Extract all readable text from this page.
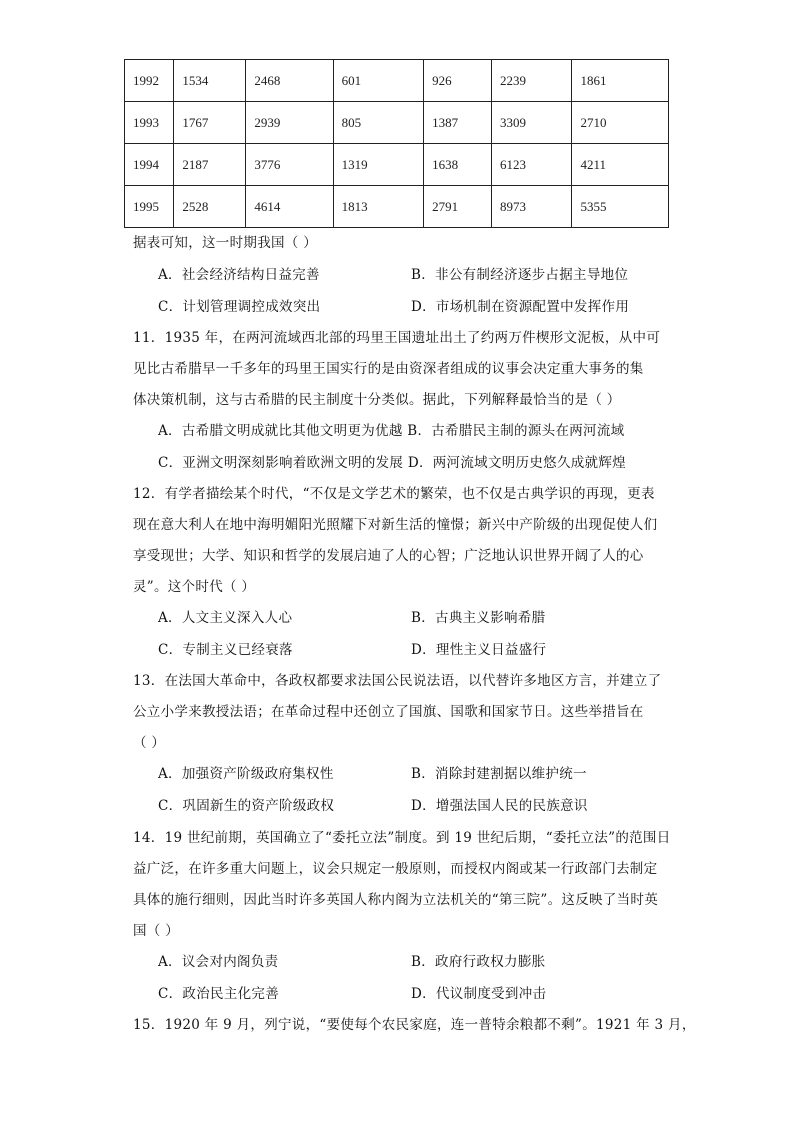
1992	1534	2468	601	926	2239	1861
1993	1767	2939	805	1387	3309	2710
1994	2187	3776	1319	1638	6123	4211
1995	2528	4614	1813	2791	8973	5355
据表可知，这一时期我国（ ）
A．社会经济结构日益完善	B．非公有制经济逐步占据主导地位
C．计划管理调控成效突出	D．市场机制在资源配置中发挥作用
11．1935 年，在两河流域西北部的玛里王国遗址出土了约两万件楔形文泥板，从中可
见比古希腊早一千多年的玛里王国实行的是由资深者组成的议事会决定重大事务的集
体决策机制，这与古希腊的民主制度十分类似。据此，下列解释最恰当的是（ ）
A．古希腊文明成就比其他文明更为优越 B．古希腊民主制的源头在两河流域
C．亚洲文明深刻影响着欧洲文明的发展 D．两河流域文明历史悠久成就辉煌
12．有学者描绘某个时代，“不仅是文学艺术的繁荣，也不仅是古典学识的再现，更表
现在意大利人在地中海明媚阳光照耀下对新生活的憧憬；新兴中产阶级的出现促使人们
享受现世；大学、知识和哲学的发展启迪了人的心智；广泛地认识世界开阔了人的心
灵”。这个时代（ ）
A．人文主义深入人心	B．古典主义影响希腊
C．专制主义已经衰落	D．理性主义日益盛行
13．在法国大革命中，各政权都要求法国公民说法语，以代替许多地区方言，并建立了
公立小学来教授法语；在革命过程中还创立了国旗、国歌和国家节日。这些举措旨在
（ ）
A．加强资产阶级政府集权性	B．消除封建割据以维护统一
C．巩固新生的资产阶级政权	D．增强法国人民的民族意识
14．19 世纪前期，英国确立了“委托立法”制度。到 19 世纪后期，“委托立法”的范围日
益广泛，在许多重大问题上，议会只规定一般原则，而授权内阁或某一行政部门去制定
具体的施行细则，因此当时许多英国人称内阁为立法机关的“第三院”。这反映了当时英
国（ ）
A．议会对内阁负责	B．政府行政权力膨胀
C．政治民主化完善	D．代议制度受到冲击
15．1920 年 9 月，列宁说，“要使每个农民家庭，连一普特余粮都不剩”。1921 年 3 月，
